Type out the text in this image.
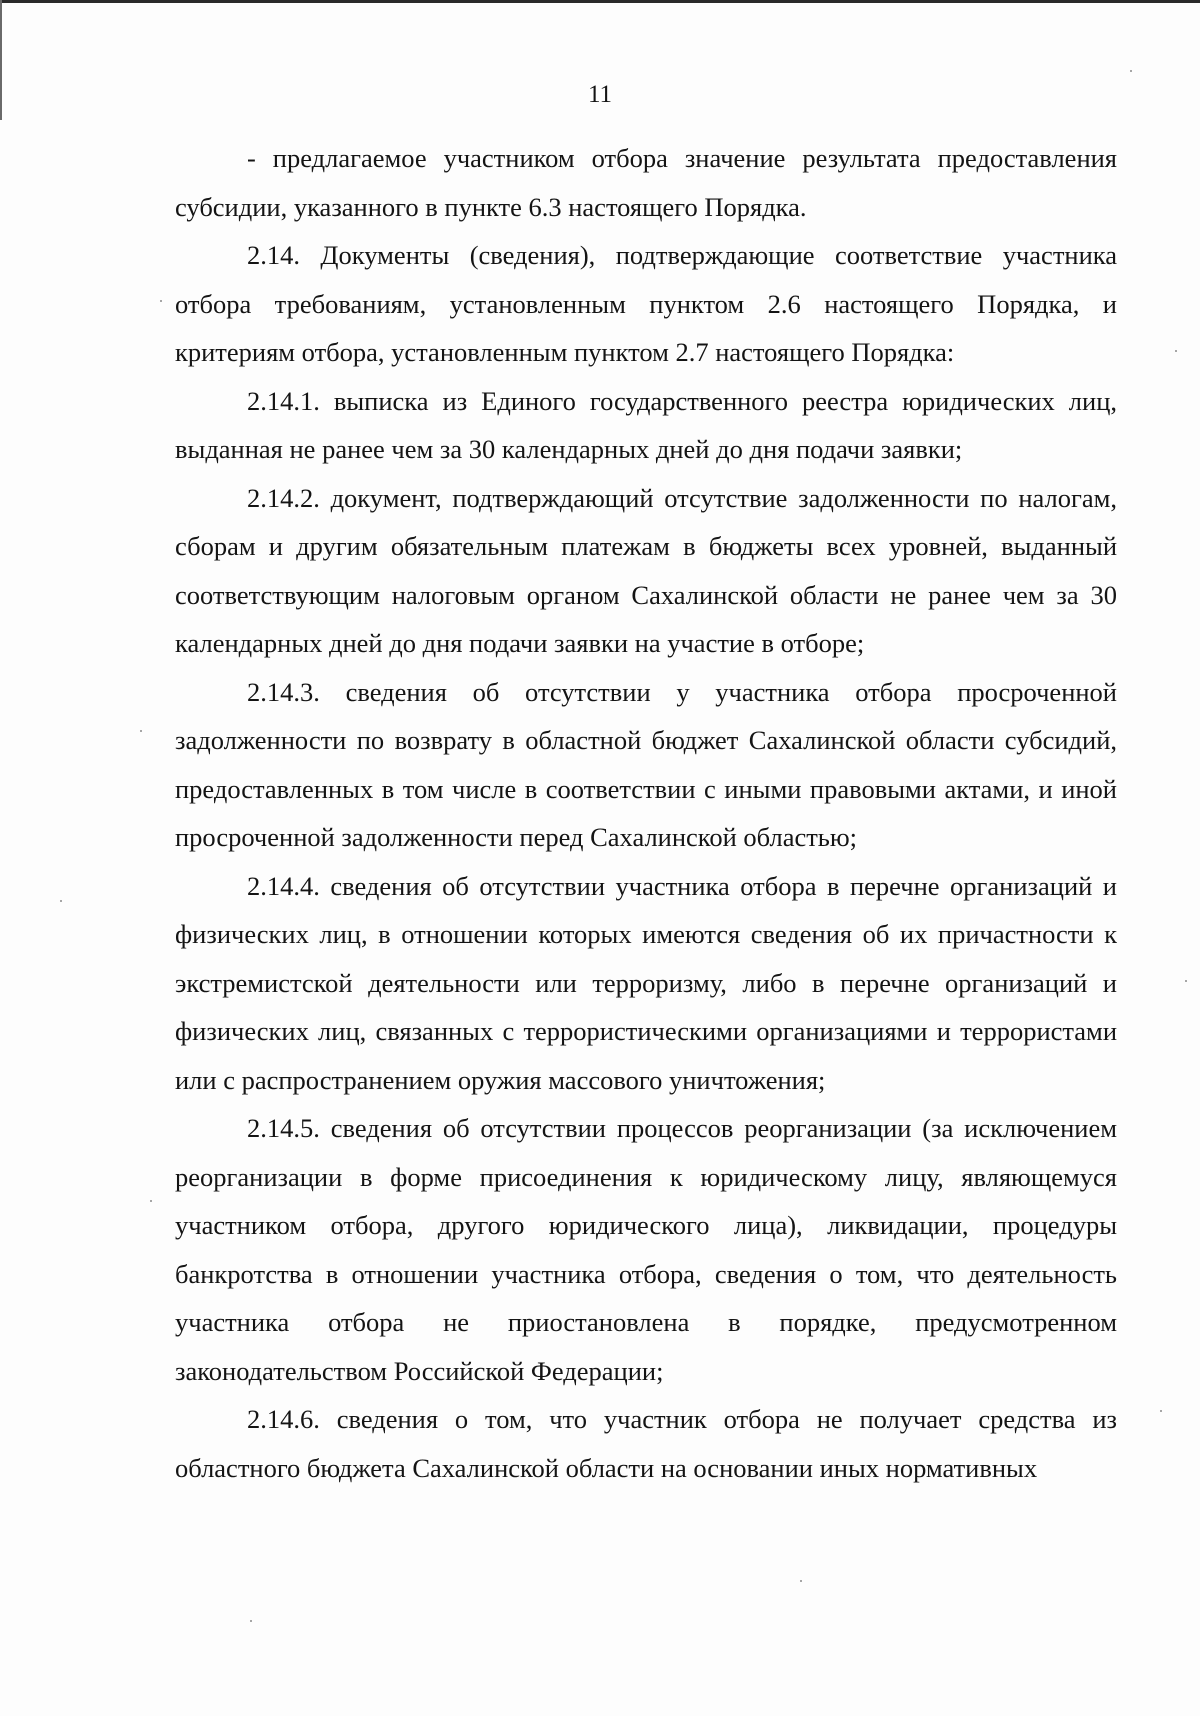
11

- предлагаемое участником отбора значение результата предоставления субсидии, указанного в пункте 6.3 настоящего Порядка.

2.14. Документы (сведения), подтверждающие соответствие участника отбора требованиям, установленным пунктом 2.6 настоящего Порядка, и критериям отбора, установленным пунктом 2.7 настоящего Порядка:

2.14.1. выписка из Единого государственного реестра юридических лиц, выданная не ранее чем за 30 календарных дней до дня подачи заявки;

2.14.2. документ, подтверждающий отсутствие задолженности по налогам, сборам и другим обязательным платежам в бюджеты всех уровней, выданный соответствующим налоговым органом Сахалинской области не ранее чем за 30 календарных дней до дня подачи заявки на участие в отборе;

2.14.3. сведения об отсутствии у участника отбора просроченной задолженности по возврату в областной бюджет Сахалинской области субсидий, предоставленных в том числе в соответствии с иными правовыми актами, и иной просроченной задолженности перед Сахалинской областью;

2.14.4. сведения об отсутствии участника отбора в перечне организаций и физических лиц, в отношении которых имеются сведения об их причастности к экстремистской деятельности или терроризму, либо в перечне организаций и физических лиц, связанных с террористическими организациями и террористами или с распространением оружия массового уничтожения;

2.14.5. сведения об отсутствии процессов реорганизации (за исключением реорганизации в форме присоединения к юридическому лицу, являющемуся участником отбора, другого юридического лица), ликвидации, процедуры банкротства в отношении участника отбора, сведения о том, что деятельность участника отбора не приостановлена в порядке, предусмотренном законодательством Российской Федерации;

2.14.6. сведения о том, что участник отбора не получает средства из областного бюджета Сахалинской области на основании иных нормативных
